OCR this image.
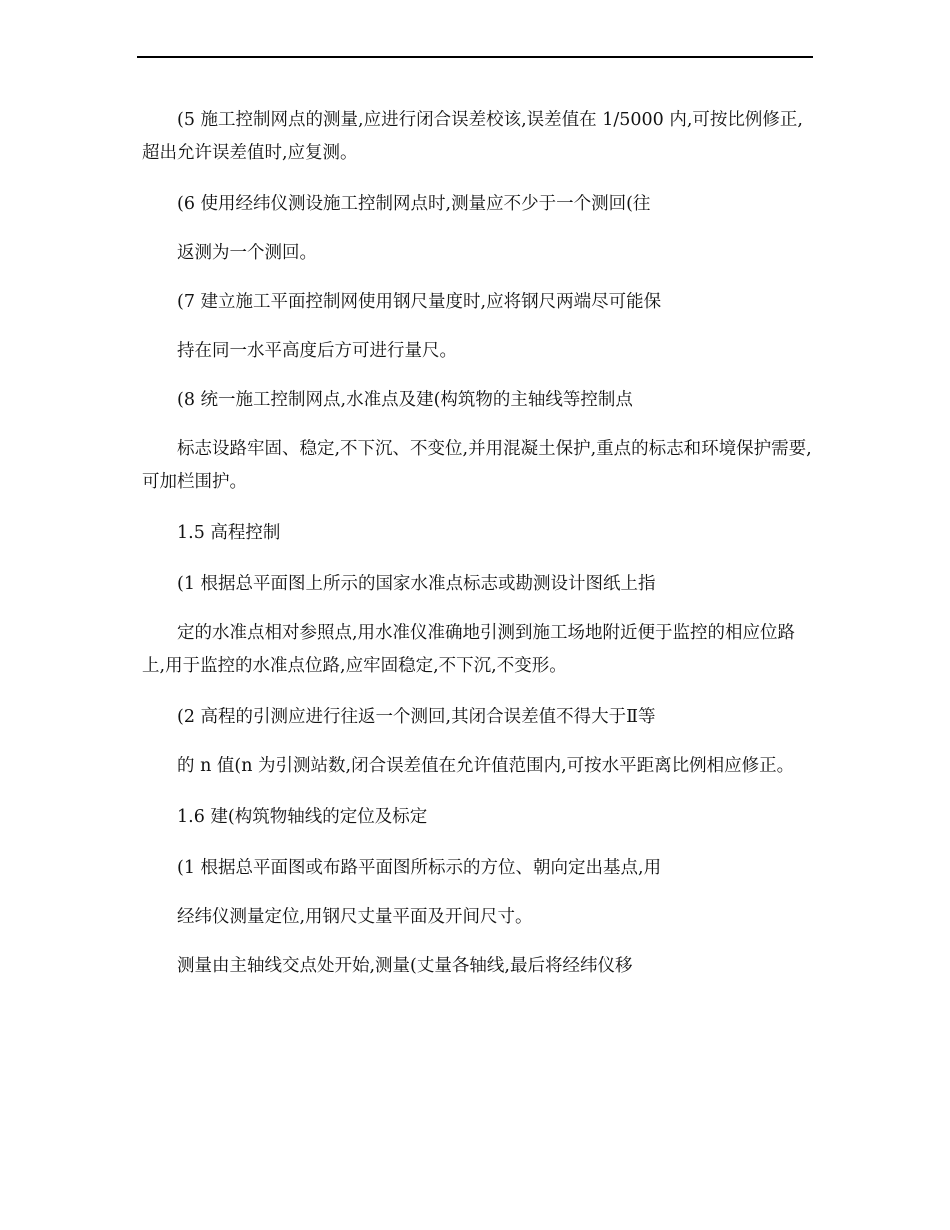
(5 施工控制网点的测量,应进行闭合误差校该,误差值在 1/5000 内,可按比例修正,超出允许误差值时,应复测。

(6 使用经纬仪测设施工控制网点时,测量应不少于一个测回(往

返测为一个测回。

(7 建立施工平面控制网使用钢尺量度时,应将钢尺两端尽可能保

持在同一水平高度后方可进行量尺。

(8 统一施工控制网点,水准点及建(构筑物的主轴线等控制点

标志设路牢固、稳定,不下沉、不变位,并用混凝土保护,重点的标志和环境保护需要,可加栏围护。

1.5 高程控制

(1 根据总平面图上所示的国家水准点标志或勘测设计图纸上指

定的水准点相对参照点,用水准仪准确地引测到施工场地附近便于监控的相应位路上,用于监控的水准点位路,应牢固稳定,不下沉,不变形。

(2 高程的引测应进行往返一个测回,其闭合误差值不得大于Ⅱ等

的 n 值(n 为引测站数,闭合误差值在允许值范围内,可按水平距离比例相应修正。

1.6 建(构筑物轴线的定位及标定

(1 根据总平面图或布路平面图所标示的方位、朝向定出基点,用

经纬仪测量定位,用钢尺丈量平面及开间尺寸。

测量由主轴线交点处开始,测量(丈量各轴线,最后将经纬仪移
